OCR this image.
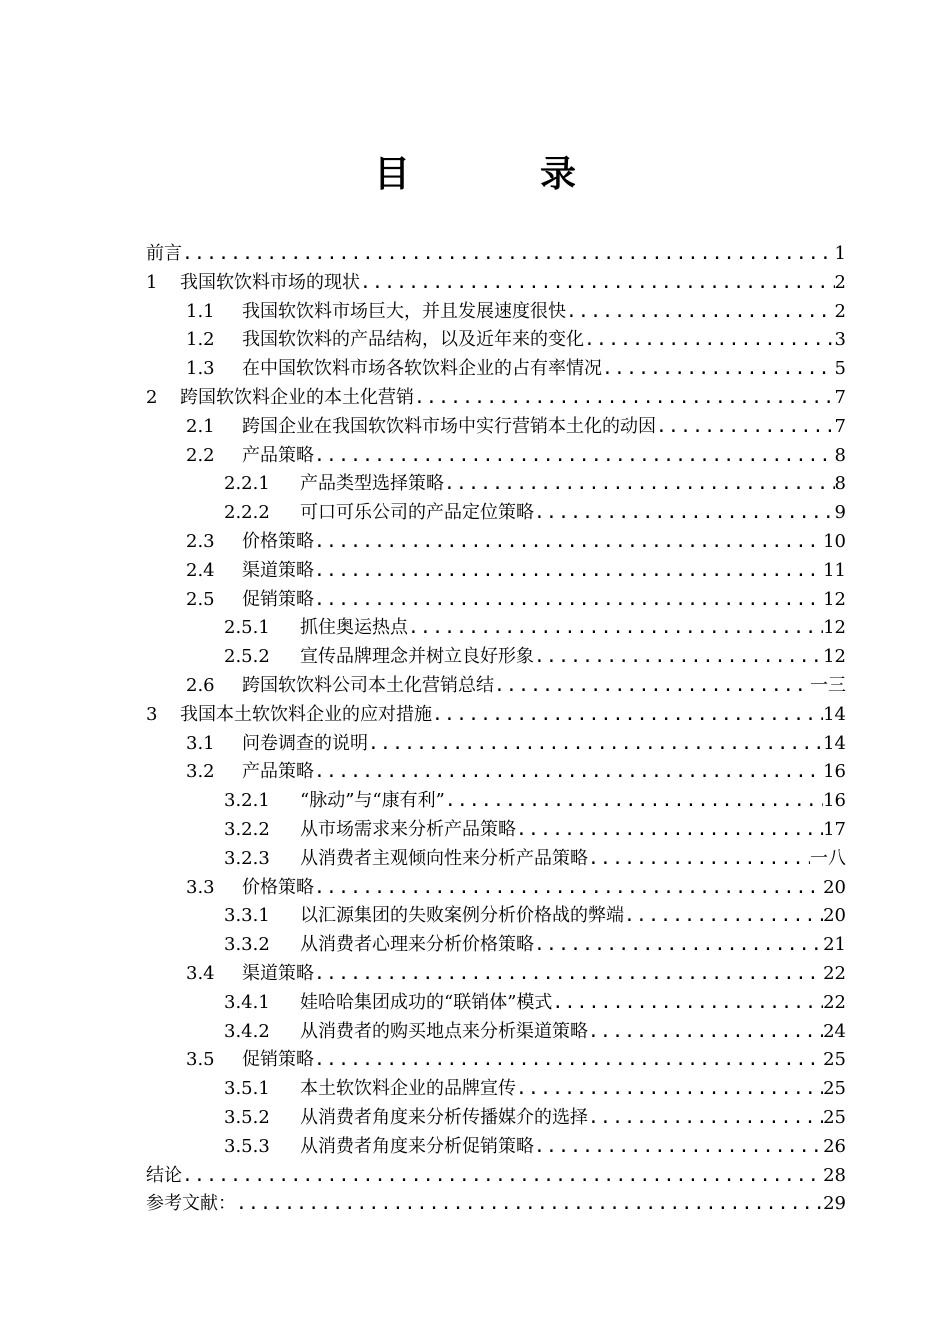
目	录
前言 .....	1
1	我国软饮料市场的现状 .....	2
1.1	我国软饮料市场巨大，并且发展速度很快 .....	2
1.2	我国软饮料的产品结构，以及近年来的变化 .....	3
1.3	在中国软饮料市场各软饮料企业的占有率情况 .....	5
2	跨国软饮料企业的本土化营销 .....	7
2.1	跨国企业在我国软饮料市场中实行营销本土化的动因 .....	7
2.2	产品策略 .....	8
2.2.1	产品类型选择策略 .....	8
2.2.2	可口可乐公司的产品定位策略 .....	9
2.3	价格策略 .....	10
2.4	渠道策略 .....	11
2.5	促销策略 .....	12
2.5.1	抓住奥运热点 .....	12
2.5.2	宣传品牌理念并树立良好形象 .....	12
2.6	跨国软饮料公司本土化营销总结 .....	一三
3	我国本土软饮料企业的应对措施 .....	14
3.1	问卷调查的说明 .....	14
3.2	产品策略 .....	16
3.2.1	“脉动”与“康有利” .....	16
3.2.2	从市场需求来分析产品策略 .....	17
3.2.3	从消费者主观倾向性来分析产品策略 .....	一八
3.3	价格策略 .....	20
3.3.1	以汇源集团的失败案例分析价格战的弊端 .....	20
3.3.2	从消费者心理来分析价格策略 .....	21
3.4	渠道策略 .....	22
3.4.1	娃哈哈集团成功的“联销体”模式 .....	22
3.4.2	从消费者的购买地点来分析渠道策略 .....	24
3.5	促销策略 .....	25
3.5.1	本土软饮料企业的品牌宣传 .....	25
3.5.2	从消费者角度来分析传播媒介的选择 .....	25
3.5.3	从消费者角度来分析促销策略 .....	26
结论 .....	28
参考文献： .....	29
